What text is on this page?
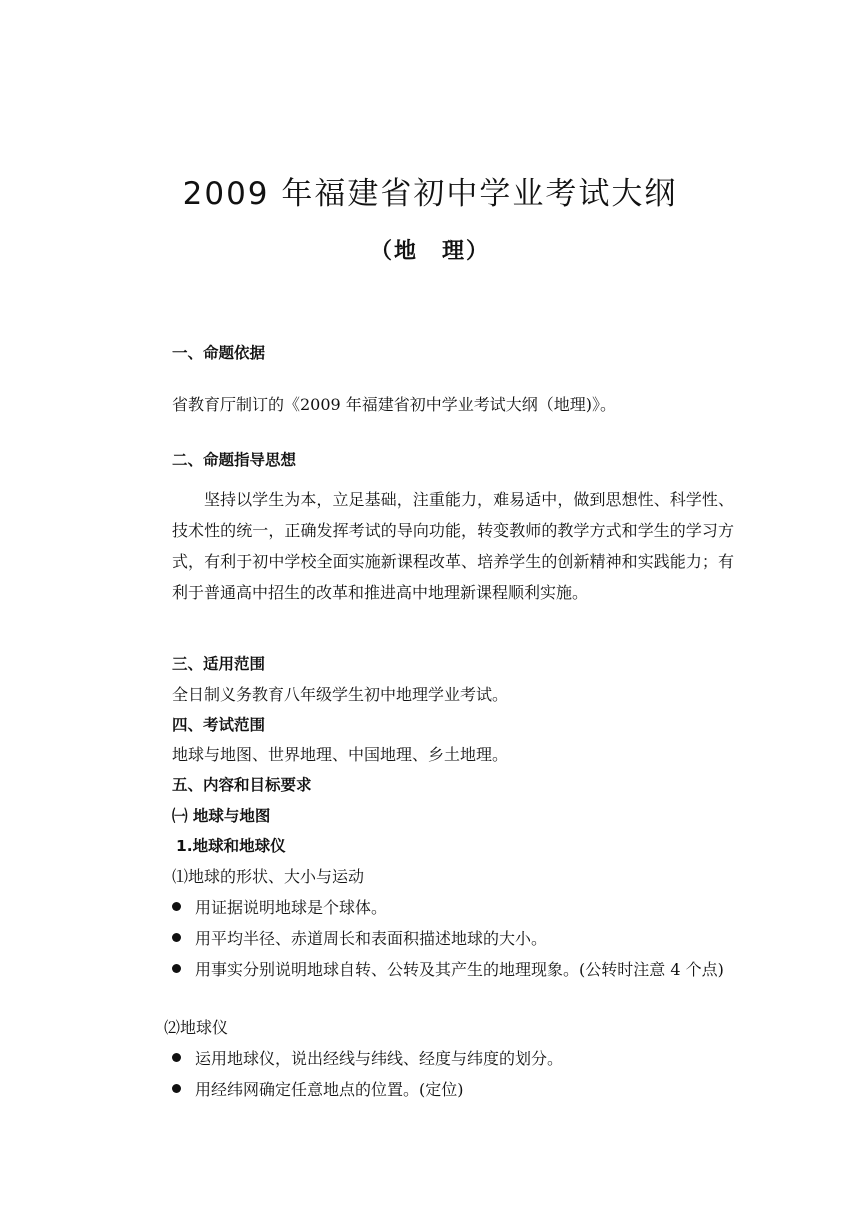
2009 年福建省初中学业考试大纲
（地　理）
一、命题依据
省教育厅制订的《2009 年福建省初中学业考试大纲（地理)》。
二、命题指导思想
坚持以学生为本，立足基础，注重能力，难易适中，做到思想性、科学性、技术性的统一，正确发挥考试的导向功能，转变教师的教学方式和学生的学习方式，有利于初中学校全面实施新课程改革、培养学生的创新精神和实践能力；有利于普通高中招生的改革和推进高中地理新课程顺利实施。
三、适用范围
全日制义务教育八年级学生初中地理学业考试。
四、考试范围
地球与地图、世界地理、中国地理、乡土地理。
五、内容和目标要求
㈠ 地球与地图
1.地球和地球仪
⑴地球的形状、大小与运动
用证据说明地球是个球体。
用平均半径、赤道周长和表面积描述地球的大小。
用事实分别说明地球自转、公转及其产生的地理现象。(公转时注意 4 个点)
⑵地球仪
运用地球仪，说出经线与纬线、经度与纬度的划分。
用经纬网确定任意地点的位置。(定位)
